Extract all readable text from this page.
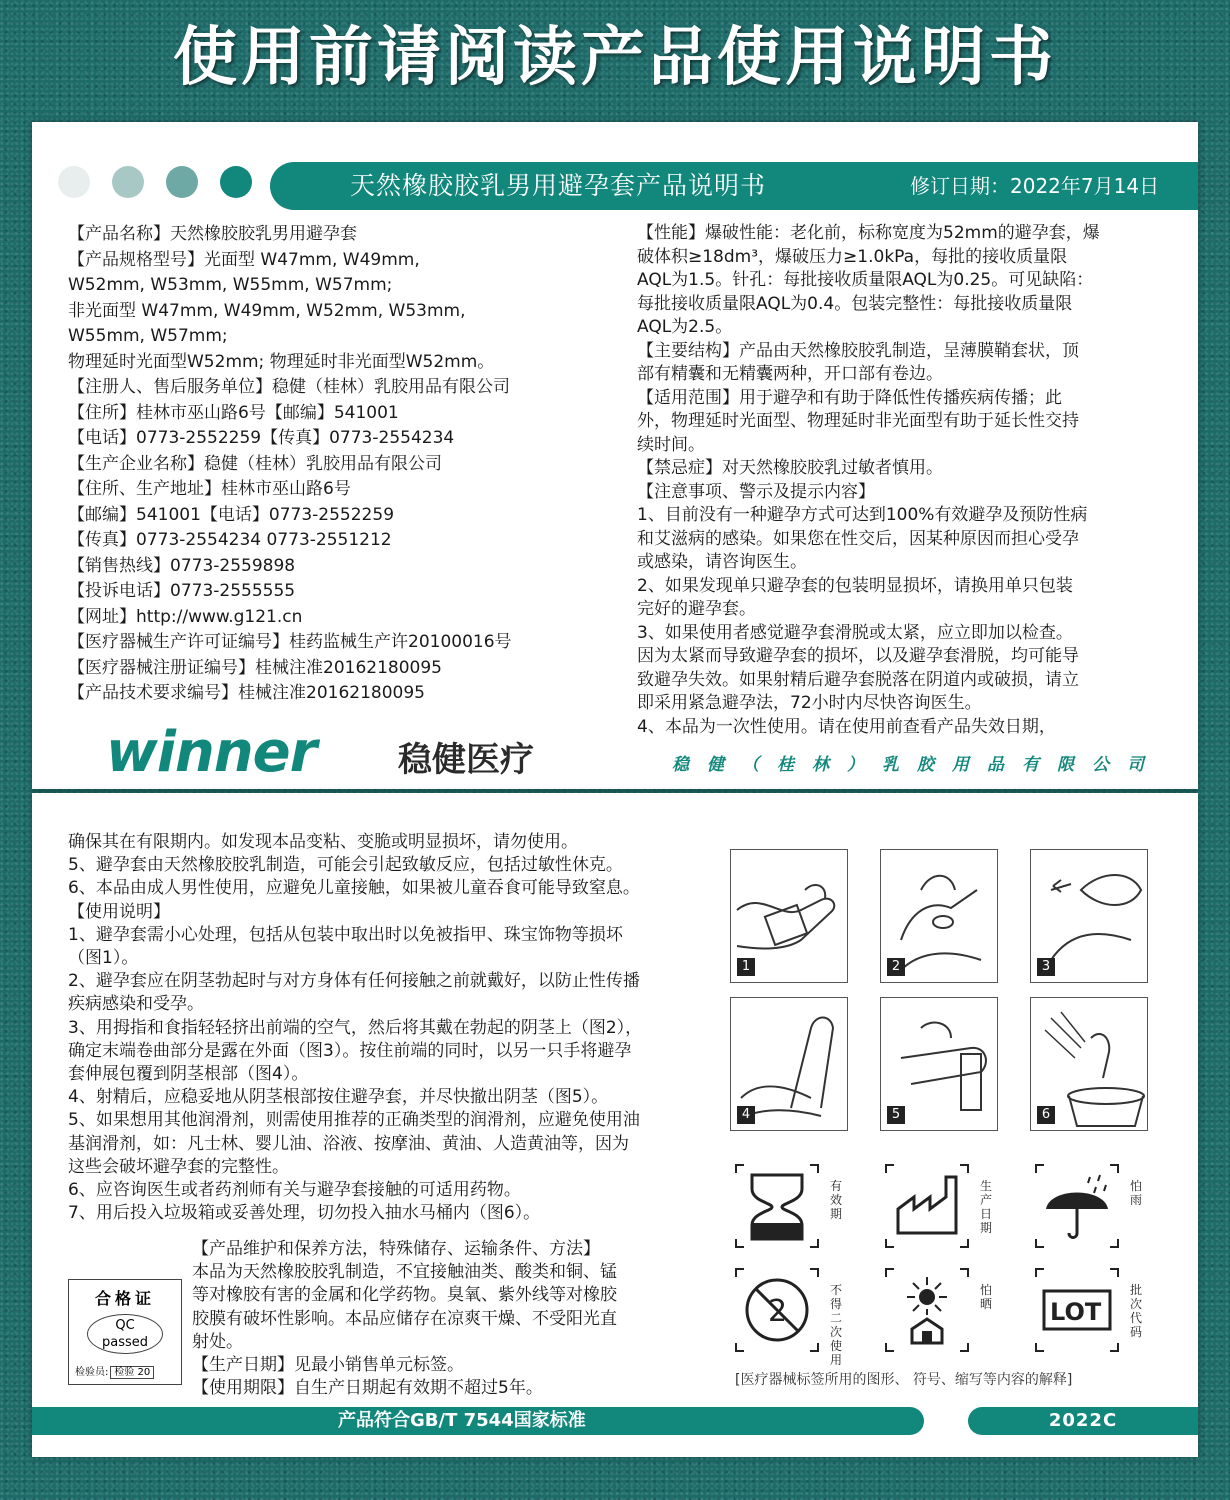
使用前请阅读产品使用说明书
天然橡胶胶乳男用避孕套产品说明书	修订日期：2022年7月14日
【产品名称】天然橡胶胶乳男用避孕套
【产品规格型号】光面型 W47mm, W49mm,
W52mm, W53mm, W55mm, W57mm;
非光面型 W47mm, W49mm, W52mm, W53mm,
W55mm, W57mm;
物理延时光面型W52mm; 物理延时非光面型W52mm。
【注册人、售后服务单位】稳健（桂林）乳胶用品有限公司
【住所】桂林市巫山路6号【邮编】541001
【电话】0773-2552259【传真】0773-2554234
【生产企业名称】稳健（桂林）乳胶用品有限公司
【住所、生产地址】桂林市巫山路6号
【邮编】541001【电话】0773-2552259
【传真】0773-2554234 0773-2551212
【销售热线】0773-2559898
【投诉电话】0773-2555555
【网址】http://www.g121.cn
【医疗器械生产许可证编号】桂药监械生产许20100016号
【医疗器械注册证编号】桂械注准20162180095
【产品技术要求编号】桂械注准20162180095
【性能】爆破性能：老化前，标称宽度为52mm的避孕套，爆
破体积≥18dm³，爆破压力≥1.0kPa，每批的接收质量限
AQL为1.5。针孔：每批接收质量限AQL为0.25。可见缺陷：
每批接收质量限AQL为0.4。包装完整性：每批接收质量限
AQL为2.5。
【主要结构】产品由天然橡胶胶乳制造，呈薄膜鞘套状，顶
部有精囊和无精囊两种，开口部有卷边。
【适用范围】用于避孕和有助于降低性传播疾病传播；此
外，物理延时光面型、物理延时非光面型有助于延长性交持
续时间。
【禁忌症】对天然橡胶胶乳过敏者慎用。
【注意事项、警示及提示内容】
1、目前没有一种避孕方式可达到100%有效避孕及预防性病
和艾滋病的感染。如果您在性交后，因某种原因而担心受孕
或感染，请咨询医生。
2、如果发现单只避孕套的包装明显损坏，请换用单只包装
完好的避孕套。
3、如果使用者感觉避孕套滑脱或太紧，应立即加以检查。
因为太紧而导致避孕套的损坏，以及避孕套滑脱，均可能导
致避孕失效。如果射精后避孕套脱落在阴道内或破损，请立
即采用紧急避孕法，72小时内尽快咨询医生。
4、本品为一次性使用。请在使用前查看产品失效日期，
winner 稳健医疗	稳健（桂林）乳胶用品有限公司
确保其在有限期内。如发现本品变粘、变脆或明显损坏，请勿使用。
5、避孕套由天然橡胶胶乳制造，可能会引起致敏反应，包括过敏性休克。
6、本品由成人男性使用，应避免儿童接触，如果被儿童吞食可能导致窒息。
【使用说明】
1、避孕套需小心处理，包括从包装中取出时以免被指甲、珠宝饰物等损坏
（图1）。
2、避孕套应在阴茎勃起时与对方身体有任何接触之前就戴好，以防止性传播
疾病感染和受孕。
3、用拇指和食指轻轻挤出前端的空气，然后将其戴在勃起的阴茎上（图2），
确定末端卷曲部分是露在外面（图3）。按住前端的同时，以另一只手将避孕
套伸展包覆到阴茎根部（图4）。
4、射精后，应稳妥地从阴茎根部按住避孕套，并尽快撤出阴茎（图5）。
5、如果想用其他润滑剂，则需使用推荐的正确类型的润滑剂，应避免使用油
基润滑剂，如：凡士林、婴儿油、浴液、按摩油、黄油、人造黄油等，因为
这些会破坏避孕套的完整性。
6、应咨询医生或者药剂师有关与避孕套接触的可适用药物。
7、用后投入垃圾箱或妥善处理，切勿投入抽水马桶内（图6）。
【产品维护和保养方法，特殊储存、运输条件、方法】
本品为天然橡胶胶乳制造，不宜接触油类、酸类和铜、锰
等对橡胶有害的金属和化学药物。臭氧、紫外线等对橡胶
胶膜有破坏性影响。本品应储存在凉爽干燥、不受阳光直
射处。
【生产日期】见最小销售单元标签。
【使用期限】自生产日期起有效期不超过5年。
合格证
QC
passed
检验员: 检验 20
1	2	3
4	5	6
有效期
生产日期
怕雨
2
不得二次使用
怕晒 LOT
批次代码
[医疗器械标签所用的图形、 符号、缩写等内容的解释]
产品符合GB/T 7544国家标准	2022C
